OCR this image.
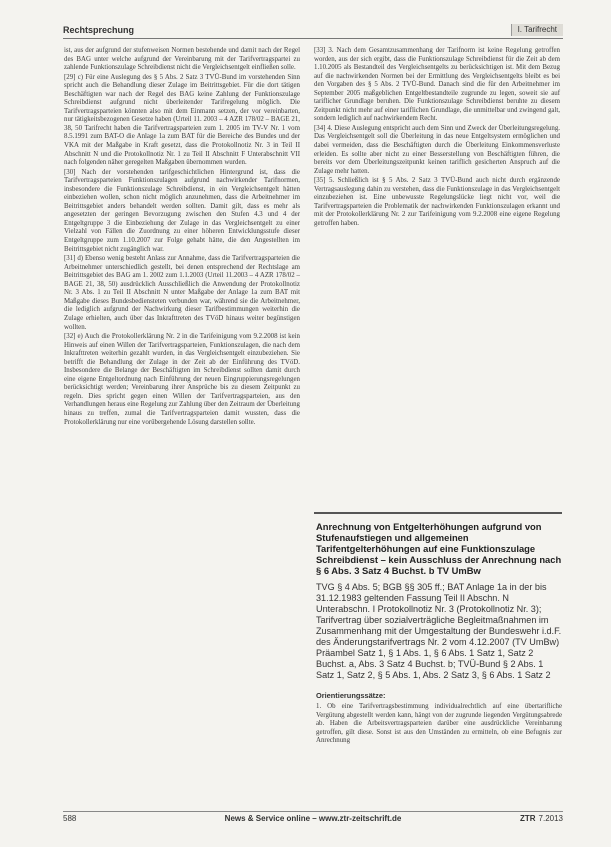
Rechtsprechung	I. Tarifrecht

ist, aus der aufgrund der stufenweisen Normen bestehende und damit nach der Regel des BAG unter welche aufgrund der Vereinbarung mit der Tarifvertragspartei zu zahlende Funktionszulage Schreibdienst nicht die Vergleichsentgelt einfließen solle.

[29] c) Für eine Auslegung des § 5 Abs. 2 Satz 3 TVÜ-Bund im vorstehenden Sinn spricht auch die Behandlung dieser Zulage im Beitrittsgebiet. Für die dort tätigen Beschäftigten war nach der Regel des BAG keine Zahlung der Funktionszulage Schreibdienst aufgrund nicht überleitender Tarifregelung möglich. Die Tarifvertragsparteien könnten also mit dem Einmann setzen, der vor vereinbarten, nur tätigkeitsbezogenen Gesetze haben (Urteil 11. 2003 – 4 AZR 178/02 – BAGE 21, 38, 50 Tarifrecht haben die Tarifvertragsparteien zum 1. 2005 im TV-V Nr. 1 vom 8.5.1991 zum BAT-O die Anlage 1a zum BAT für die Bereiche des Bundes und der VKA mit der Maßgabe in Kraft gesetzt, dass die Protokollnotiz Nr. 3 in Teil II Abschnitt N und die Protokollnotiz Nr. 1 zu Teil II Abschnitt F Unterabschnitt VII nach folgenden näher geregelten Maßgaben übernommen wurden.

[30] Nach der vorstehenden tarifgeschichtlichen Hintergrund ist, dass die Tarifvertragsparteien Funktionszulagen aufgrund nachwirkender Tarifnormen, insbesondere die Funktionszulage Schreibdienst, in ein Vergleichsentgelt hätten einbeziehen wollen, schon nicht möglich anzunehmen, dass die Arbeitnehmer im Beitrittsgebiet anders behandelt werden sollten. Damit gilt, dass es mehr als angesetzten der geringen Bevorzugung zwischen den Stufen 4.3 und 4 der Entgeltgruppe 3 die Einbeziehung der Zulage in das Vergleichsentgelt zu einer Vielzahl von Fällen die Zuordnung zu einer höheren Entwicklungsstufe dieser Entgeltgruppe zum 1.10.2007 zur Folge gehabt hätte, die den Angestellten im Beitrittsgebiet nicht zugänglich war.

[31] d) Ebenso wenig besteht Anlass zur Annahme, dass die Tarifvertragsparteien die Arbeitnehmer unterschiedlich gestellt, bei denen entsprechend der Rechtslage am Beitrittsgebiet des BAG am 1. 2002 zum 1.1.2003 (Urteil 11.2003 – 4 AZR 178/02 – BAGE 21, 38, 50) ausdrücklich Ausschließlich die Anwendung der Protokollnotiz Nr. 3 Abs. 1 zu Teil II Abschnitt N unter Maßgabe der Anlage 1a zum BAT mit Maßgabe dieses Bundesbediensteten verbunden war, während sie die Arbeitnehmer, die lediglich aufgrund der Nachwirkung dieser Tarifbestimmungen weiterhin die Zulage erhielten, auch über das Inkrafttreten des TVöD hinaus weiter begünstigen wollten.

[32] e) Auch die Protokollerklärung Nr. 2 in die Tarifeinigung vom 9.2.2008 ist kein Hinweis auf einen Willen der Tarifvertragsparteien, Funktionszulagen, die nach dem Inkrafttreten weiterhin gezahlt wurden, in das Vergleichsentgelt einzubeziehen. Sie betrifft die Behandlung der Zulage in der Zeit ab der Einführung des TVöD. Insbesondere die Belange der Beschäftigten im Schreibdienst sollten damit durch eine eigene Entgeltordnung nach Einführung der neuen Eingruppierungsregelungen berücksichtigt werden; Vereinbarung ihrer Ansprüche bis zu diesem Zeitpunkt zu regeln. Dies spricht gegen einen Willen der Tarifvertragsparteien, aus den Verhandlungen heraus eine Regelung zur Zahlung über den Zeitraum der Überleitung hinaus zu treffen, zumal die Tarifvertragsparteien damit wussten, dass die Protokollerklärung nur eine vorübergehende Lösung darstellen sollte.

[33] 3. Nach dem Gesamtzusammenhang der Tarifnorm ist keine Regelung getroffen worden, aus der sich ergibt, dass die Funktionszulage Schreibdienst für die Zeit ab dem 1.10.2005 als Bestandteil des Vergleichsentgelts zu berücksichtigen ist. Mit dem Bezug auf die nachwirkenden Normen bei der Ermittlung des Vergleichsentgelts bleibt es bei den Vorgaben des § 5 Abs. 2 TVÜ-Bund. Danach sind die für den Arbeitnehmer im September 2005 maßgeblichen Entgeltbestandteile zugrunde zu legen, soweit sie auf tariflicher Grundlage beruhen. Die Funktionszulage Schreibdienst beruhte zu diesem Zeitpunkt nicht mehr auf einer tariflichen Grundlage, die unmittelbar und zwingend galt, sondern lediglich auf nachwirkendem Recht.

[34] 4. Diese Auslegung entspricht auch dem Sinn und Zweck der Überleitungsregelung. Das Vergleichsentgelt soll die Überleitung in das neue Entgeltsystem ermöglichen und dabei vermeiden, dass die Beschäftigten durch die Überleitung Einkommensverluste erleiden. Es sollte aber nicht zu einer Besserstellung von Beschäftigten führen, die bereits vor dem Überleitungszeitpunkt keinen tariflich gesicherten Anspruch auf die Zulage mehr hatten.

[35] 5. Schließlich ist § 5 Abs. 2 Satz 3 TVÜ-Bund auch nicht durch ergänzende Vertragsauslegung dahin zu verstehen, dass die Funktionszulage in das Vergleichsentgelt einzubeziehen ist. Eine unbewusste Regelungslücke liegt nicht vor, weil die Tarifvertragsparteien die Problematik der nachwirkenden Funktionszulagen erkannt und mit der Protokollerklärung Nr. 2 zur Tarifeinigung vom 9.2.2008 eine eigene Regelung getroffen haben.

Anrechnung von Entgelterhöhungen aufgrund von Stufenaufstiegen und allgemeinen Tarifentgelterhöhungen auf eine Funktionszulage Schreibdienst – kein Ausschluss der Anrechnung nach § 6 Abs. 3 Satz 4 Buchst. b TV UmBw
TVG § 4 Abs. 5; BGB §§ 305 ff.; BAT Anlage 1a in der bis 31.12.1983 geltenden Fassung Teil II Abschn. N Unterabschn. I Protokollnotiz Nr. 3 (Protokollnotiz Nr. 3); Tarifvertrag über sozialverträgliche Begleitmaßnahmen im Zusammenhang mit der Umgestaltung der Bundeswehr i.d.F. des Änderungstarifvertrags Nr. 2 vom 4.12.2007 (TV UmBw) Präambel Satz 1, § 1 Abs. 1, § 6 Abs. 1 Satz 1, Satz 2 Buchst. a, Abs. 3 Satz 4 Buchst. b; TVÜ-Bund § 2 Abs. 1 Satz 1, Satz 2, § 5 Abs. 1, Abs. 2 Satz 3, § 6 Abs. 1 Satz 2
Orientierungssätze:
1. Ob eine Tarifvertragsbestimmung individualrechtlich auf eine übertarifliche Vergütung abgestellt werden kann, hängt von der zugrunde liegenden Vergütungsabrede ab. Haben die Arbeitsvertragsparteien darüber eine ausdrückliche Vereinbarung getroffen, gilt diese. Sonst ist aus den Umständen zu ermitteln, ob eine Befugnis zur Anrechnung
588	News & Service online – www.ztr-zeitschrift.de	ZTR 7.2013
